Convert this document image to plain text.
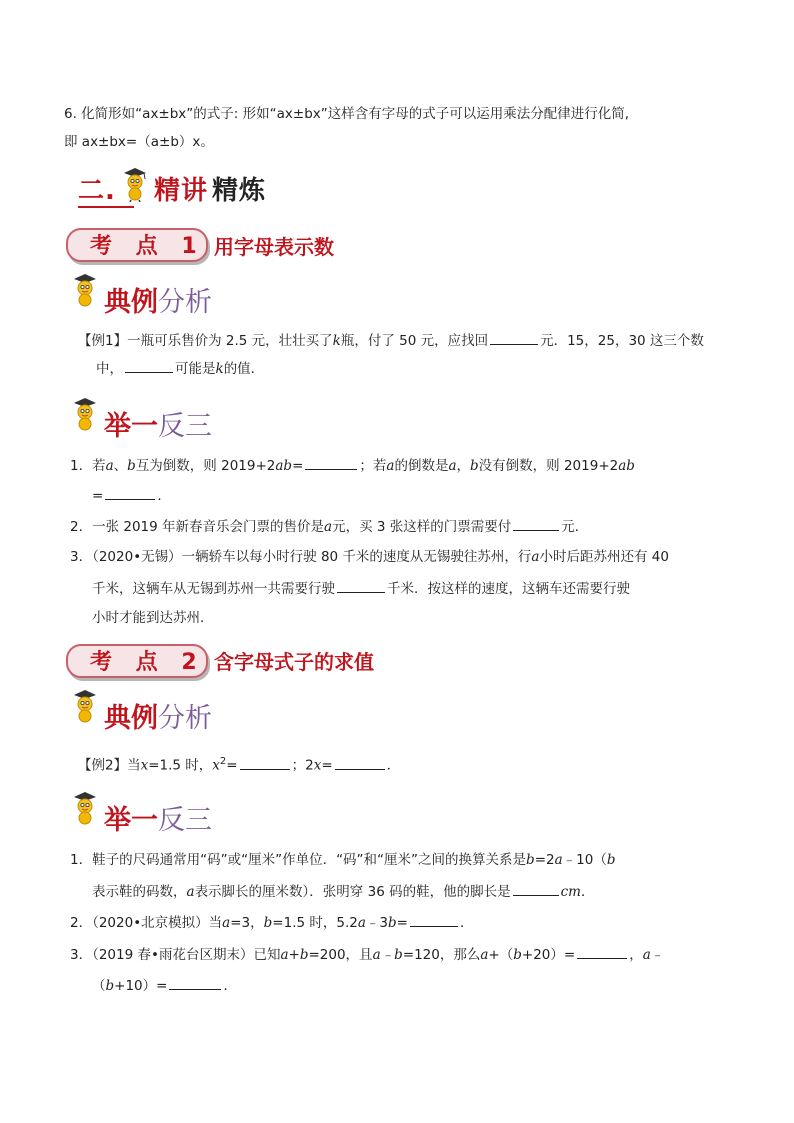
6. 化简形如“ax±bx”的式子: 形如“ax±bx”这样含有字母的式子可以运用乘法分配律进行化简,
即 ax±bx=（a±b）x。
二. 精讲 精炼
考 点 1 用字母表示数
典例分析
【例1】一瓶可乐售价为 2.5 元，壮壮买了k瓶，付了 50 元，应找回	元．15，25，30 这三个数
中，	可能是k的值．
举一反三
1．若a、b互为倒数，则 2019+2ab=	；若a的倒数是a，b没有倒数，则 2019+2ab
=	．
2．一张 2019 年新春音乐会门票的售价是a元，买 3 张这样的门票需要付	元．
3．（2020•无锡）一辆轿车以每小时行驶 80 千米的速度从无锡驶往苏州，行a小时后距苏州还有 40
千米，这辆车从无锡到苏州一共需要行驶	千米．按这样的速度，这辆车还需要行驶
小时才能到达苏州．
考 点 2 含字母式子的求值
典例分析
【例2】当x=1.5 时，$x^2=$	；2x=	．
举一反三
1．鞋子的尺码通常用“码”或“厘米”作单位．“码”和“厘米”之间的换算关系是b=2a﹣10（b
表示鞋的码数，a表示脚长的厘米数）．张明穿 36 码的鞋，他的脚长是	cm．
2．（2020•北京模拟）当a=3，b=1.5 时，5.2a﹣3b=	．
3．（2019 春•雨花台区期末）已知a+b=200，且a﹣b=120，那么a+（b+20）=	，a﹣
（b+10）=	．
